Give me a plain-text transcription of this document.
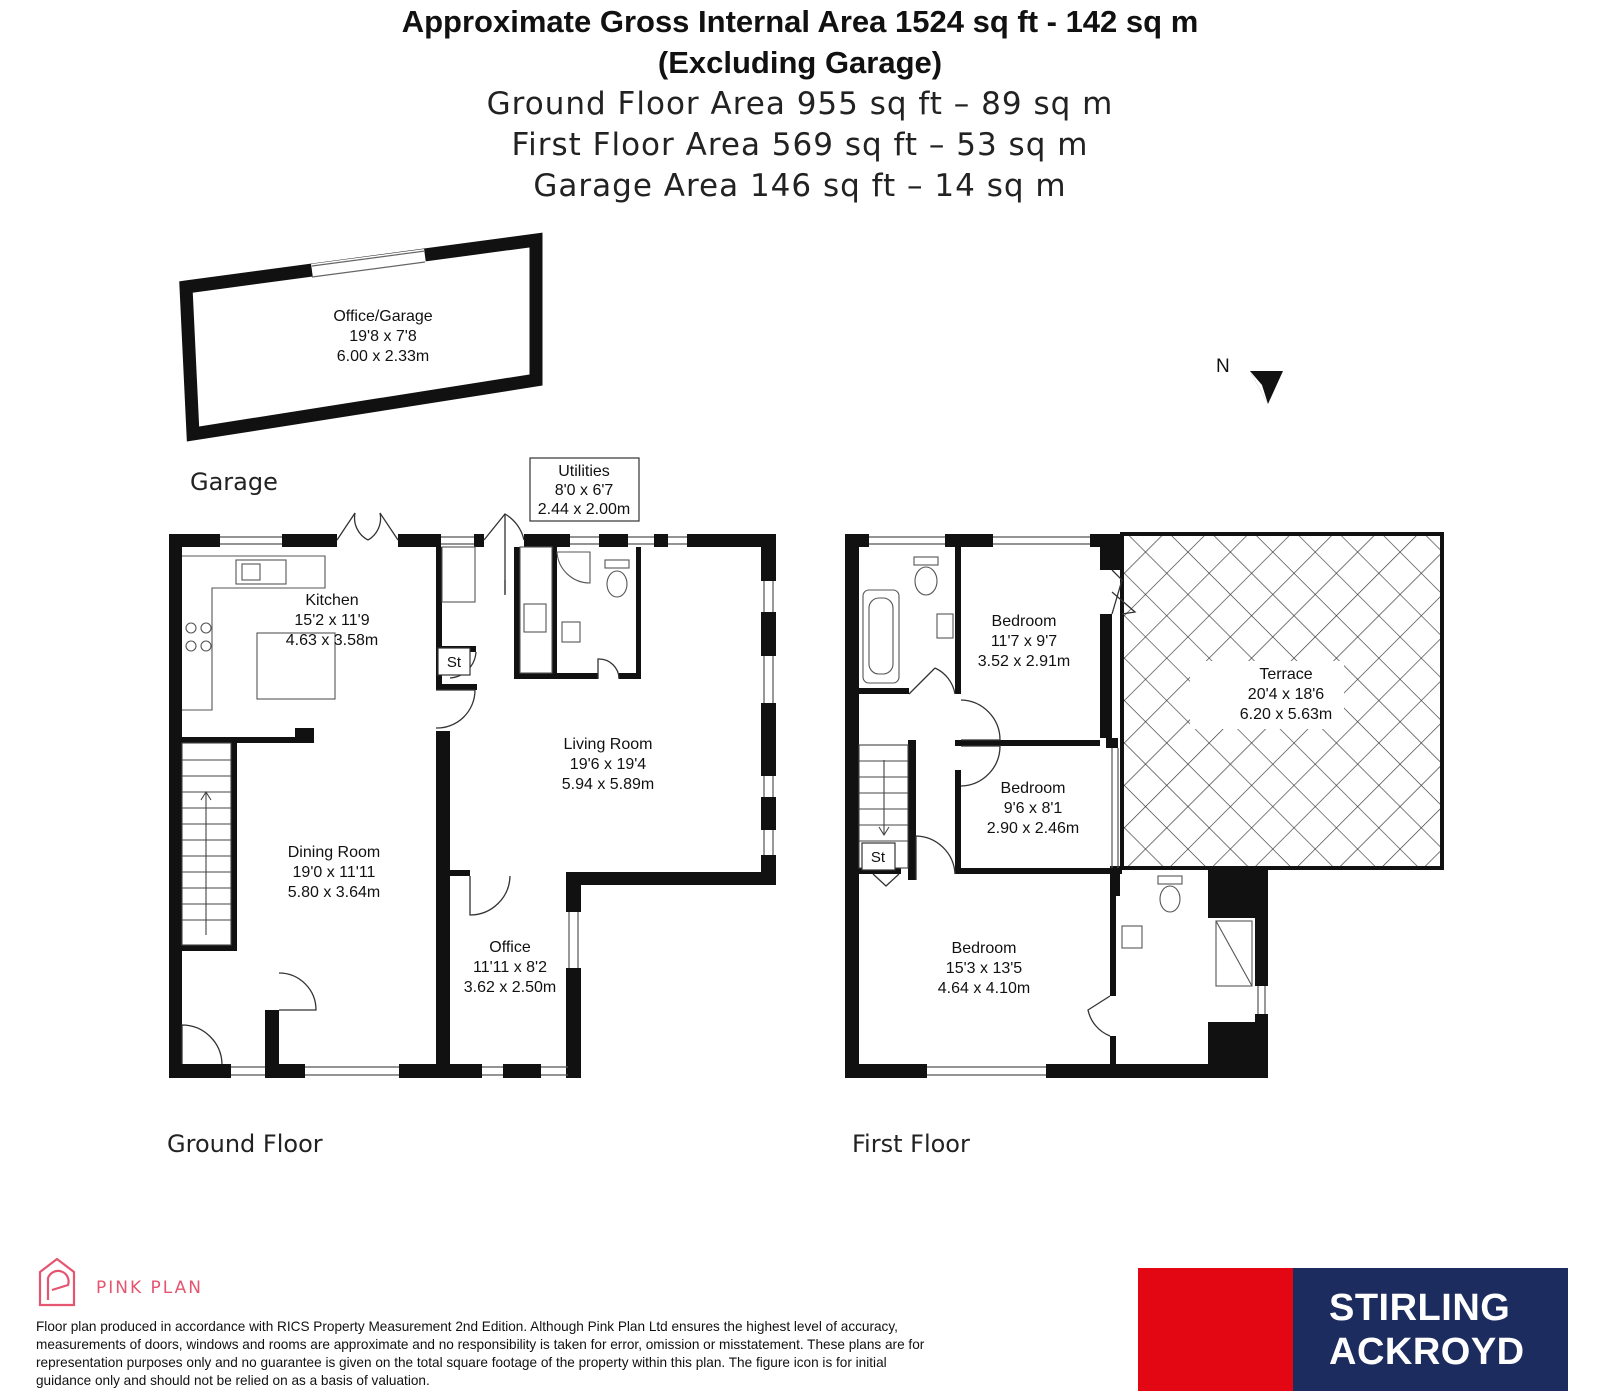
Approximate Gross Internal Area 1524 sq ft - 142 sq m
(Excluding Garage)
Ground Floor Area 955 sq ft – 89 sq m
First Floor Area 569 sq ft – 53 sq m
Garage Area 146 sq ft – 14 sq m
Office/Garage
19'8 x 7'8
6.00 x 2.33m	N
Utilities
8'0 x 6'7
2.44 x 2.00m
Kitchen
15'2 x 11'9
4.63 x 3.58m
St
Living Room
19'6 x 19'4
5.94 x 5.89m
Dining Room
19'0 x 11'11
5.80 x 3.64m
Office
11'11 x 8'2
3.62 x 2.50m
Terrace
20'4 x 18'6
6.20 x 5.63m
St
Bedroom
11'7 x 9'7
3.52 x 2.91m
Bedroom
9'6 x 8'1
2.90 x 2.46m
Bedroom
15'3 x 13'5
4.64 x 4.10m
Garage
Ground Floor	First Floor
PINK PLAN
Floor plan produced in accordance with RICS Property Measurement 2nd Edition. Although Pink Plan Ltd ensures the highest level of accuracy, measurements of doors, windows and rooms are approximate and no responsibility is taken for error, omission or misstatement. These plans are for representation purposes only and no guarantee is given on the total square footage of the property within this plan. The figure icon is for initial guidance only and should not be relied on as a basis of valuation.
STIRLING
ACKROYD
